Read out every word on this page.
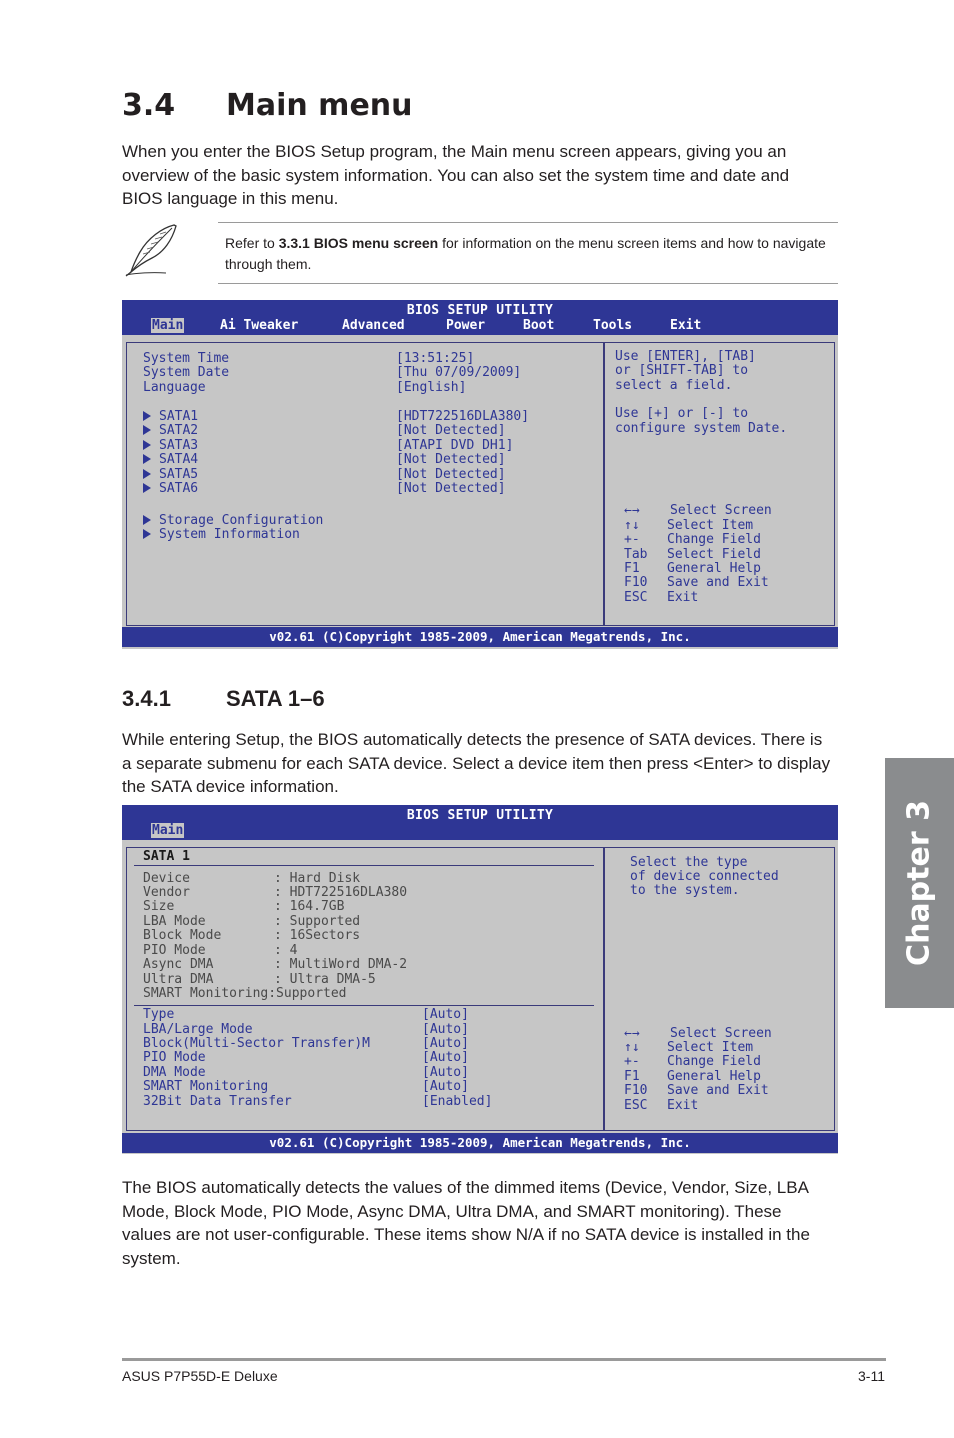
3.4 Main menu
When you enter the BIOS Setup program, the Main menu screen appears, giving you an overview of the basic system information. You can also set the system time and date and BIOS language in this menu.
Refer to 3.3.1 BIOS menu screen for information on the menu screen items and how to navigate through them.
BIOS SETUP UTILITY
Main	Ai Tweaker	Advanced	Power	Boot	Tools	Exit
System Time	[13:51:25]
System Date	[Thu 07/09/2009]
Language	[English]
SATA1	[HDT722516DLA380]
SATA2	[Not Detected]
SATA3	[ATAPI DVD DH1]
SATA4	[Not Detected]
SATA5	[Not Detected]
SATA6	[Not Detected]
Storage Configuration
System Information
Use [ENTER], [TAB]
or [SHIFT-TAB] to
select a field.
Use [+] or [-] to
configure system Date.
←→ Select Screen
↑↓ Select Item
+- Change Field
Tab Select Field
F1 General Help
F10 Save and Exit
ESC Exit
v02.61 (C)Copyright 1985-2009, American Megatrends, Inc.
3.4.1	SATA 1–6
While entering Setup, the BIOS automatically detects the presence of SATA devices. There is a separate submenu for each SATA device. Select a device item then press <Enter> to display the SATA device information.
BIOS SETUP UTILITY
Main
SATA 1
Device	: Hard Disk
Vendor	: HDT722516DLA380
Size	: 164.7GB
LBA Mode	: Supported
Block Mode	: 16Sectors
PIO Mode	: 4
Async DMA	: MultiWord DMA-2
Ultra DMA	: Ultra DMA-5
SMART Monitoring:Supported
Type	[Auto]
LBA/Large Mode	[Auto]
Block(Multi-Sector Transfer)M	[Auto]
PIO Mode	[Auto]
DMA Mode	[Auto]
SMART Monitoring	[Auto]
32Bit Data Transfer	[Enabled]
Select the type
of device connected
to the system.
←→ Select Screen
↑↓ Select Item
+- Change Field
F1 General Help
F10 Save and Exit
ESC Exit
v02.61 (C)Copyright 1985-2009, American Megatrends, Inc.
The BIOS automatically detects the values of the dimmed items (Device, Vendor, Size, LBA Mode, Block Mode, PIO Mode, Async DMA, Ultra DMA, and SMART monitoring). These values are not user-configurable. These items show N/A if no SATA device is installed in the system.
Chapter 3
ASUS P7P55D-E Deluxe	3-11
